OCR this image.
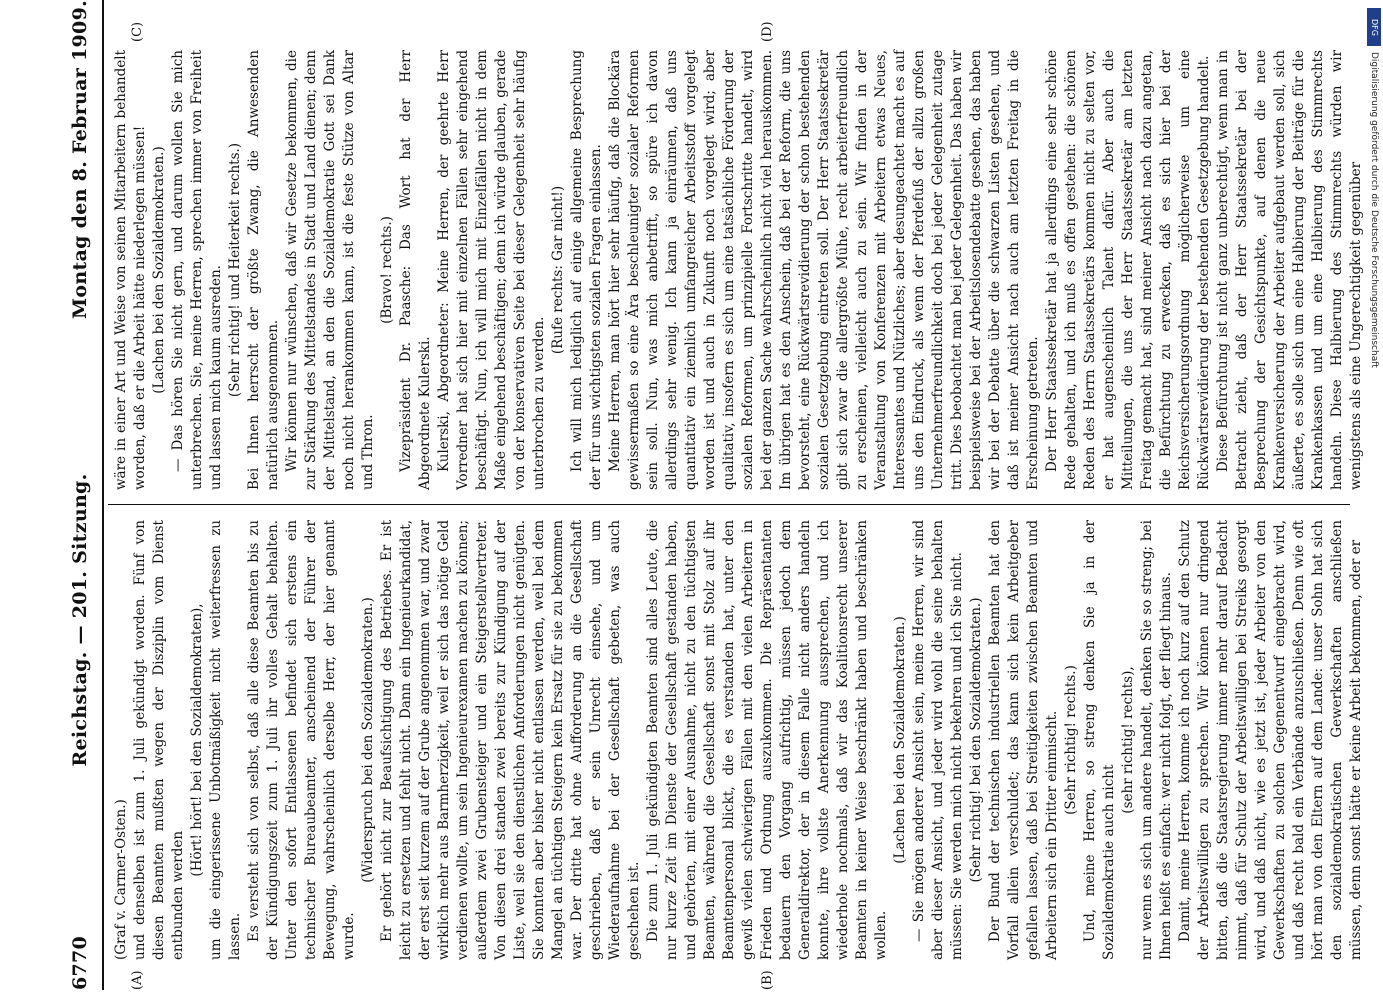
6770
Reichstag. — 201. Sitzung.
Montag den 8. Februar 1909.
(A)	(B)
(C)	(D)

(Graf v. Carmer-Osten.) und denselben ist zum 1. Juli gekündigt worden. Fünf von diesen Beamten mußten wegen der Disziplin vom Dienst entbunden werden

(Hört! hört! bei den Sozialdemokraten), um die eingerissene Unbotmäßigkeit nicht weiterfressen zu lassen. Es versteht sich von selbst, daß alle diese Beamten bis zu der Kündigungszeit zum 1. Juli ihr volles Gehalt behalten. Unter den sofort Entlassenen befindet sich erstens ein technischer Bureaubeamter, anscheinend der Führer der Bewegung, wahrscheinlich derselbe Herr, der hier genannt wurde.

(Widerspruch bei den Sozialdemokraten.) Er gehört nicht zur Beaufsichtigung des Betriebes. Er ist leicht zu ersetzen und fehlt nicht. Dann ein Ingenieurkandidat, der erst seit kurzem auf der Grube angenommen war, und zwar wirklich mehr aus Barmherzigkeit, weil er sich das nötige Geld verdienen wollte, um sein Ingenieurexamen machen zu können; außerdem zwei Grubensteiger und ein Steigerstellvertreter. Von diesen drei standen zwei bereits zur Kündigung auf der Liste, weil sie den dienstlichen Anforderungen nicht genügten. Sie konnten aber bisher nicht entlassen werden, weil bei dem Mangel an tüchtigen Steigern kein Ersatz für sie zu bekommen war. Der dritte hat ohne Aufforderung an die Gesellschaft geschrieben, daß er sein Unrecht einsehe, und um Wiederaufnahme bei der Gesellschaft gebeten, was auch geschehen ist. Die zum 1. Juli gekündigten Beamten sind alles Leute, die nur kurze Zeit im Dienste der Gesellschaft gestanden haben, und gehörten, mit einer Ausnahme, nicht zu den tüchtigsten Beamten, während die Gesellschaft sonst mit Stolz auf ihr Beamtenpersonal blickt, die es verstanden hat, unter den gewiß vielen schwierigen Fällen mit den vielen Arbeitern in Frieden und Ordnung auszukommen. Die Repräsentanten bedauern den Vorgang aufrichtig, müssen jedoch dem Generaldirektor, der in diesem Falle nicht anders handeln konnte, ihre vollste Anerkennung aussprechen, und ich wiederhole nochmals, daß wir das Koalitionsrecht unserer Beamten in keiner Weise beschränkt haben und beschränken wollen.

(Lachen bei den Sozialdemokraten.) — Sie mögen anderer Ansicht sein, meine Herren, wir sind aber dieser Ansicht, und jeder wird wohl die seine behalten müssen: Sie werden mich nicht bekehren und ich Sie nicht. (Sehr richtig! bei den Sozialdemokraten.) Der Bund der technischen industriellen Beamten hat den Vorfall allein verschuldet; das kann sich kein Arbeitgeber gefallen lassen, daß bei Streitigkeiten zwischen Beamten und Arbeitern sich ein Dritter einmischt. (Sehr richtig! rechts.) Und, meine Herren, so streng denken Sie ja in der Sozialdemokratie auch nicht

(sehr richtig! rechts), nur wenn es sich um andere handelt, denken Sie so streng; bei Ihnen heißt es einfach: wer nicht folgt, der fliegt hinaus. Damit, meine Herren, komme ich noch kurz auf den Schutz der Arbeitswilligen zu sprechen. Wir können nur dringend bitten, daß die Staatsregierung immer mehr darauf Bedacht nimmt, daß für Schutz der Arbeitswilligen bei Streiks gesorgt wird, und daß nicht, wie es jetzt ist, jeder Arbeiter von den Gewerkschaften zu solchen Gegenentwurf eingebracht wird, und daß recht bald ein Verbände anzuschließen. Denn wie oft hört man von den Eltern auf dem Lande: unser Sohn hat sich den sozialdemokratischen Gewerkschaften anschließen müssen, denn sonst hätte er keine Arbeit bekommen, oder er

wäre in einer Art und Weise von seinen Mitarbeitern behandelt worden, daß er die Arbeit hätte niederlegen müssen! (Lachen bei den Sozialdemokraten.) — Das hören Sie nicht gern, und darum wollen Sie mich unterbrechen. Sie, meine Herren, sprechen immer von Freiheit und lassen mich kaum ausreden. (Sehr richtig! und Heiterkeit rechts.) Bei Ihnen herrscht der größte Zwang, die Anwesenden natürlich ausgenommen. Wir können nur wünschen, daß wir Gesetze bekommen, die zur Stärkung des Mittelstandes in Stadt und Land dienen; denn der Mittelstand, an den die Sozialdemokratie Gott sei Dank noch nicht herankommen kann, ist die feste Stütze von Altar und Thron.

(Bravo! rechts.) Vizepräsident Dr. Paasche: Das Wort hat der Herr Abgeordnete Kulerski. Kulerski, Abgeordneter: Meine Herren, der geehrte Herr Vorredner hat sich hier mit einzelnen Fällen sehr eingehend beschäftigt. Nun, ich will mich mit Einzelfällen nicht in dem Maße eingehend beschäftigen; denn ich würde glauben, gerade von der konservativen Seite bei dieser Gelegenheit sehr häufig unterbrochen zu werden.

(Rufe rechts: Gar nicht!) Ich will mich lediglich auf einige allgemeine Besprechung der für uns wichtigsten sozialen Fragen einlassen. Meine Herren, man hört hier sehr häufig, daß die Blockära gewissermaßen so eine Ära beschleunigter sozialer Reformen sein soll. Nun, was mich anbetrifft, so spüre ich davon allerdings sehr wenig. Ich kann ja einräumen, daß uns quantitativ ein ziemlich umfangreicher Arbeitsstoff vorgelegt worden ist und auch in Zukunft noch vorgelegt wird; aber qualitativ, insofern es sich um eine tatsächliche Förderung der sozialen Reformen, um prinzipielle Fortschritte handelt, wird bei der ganzen Sache wahrscheinlich nicht viel herauskommen. Im übrigen hat es den Anschein, daß bei der Reform, die uns bevorsteht, eine Rückwärtsrevidierung der schon bestehenden sozialen Gesetzgebung eintreten soll. Der Herr Staatssekretär gibt sich zwar die allergrößte Mühe, recht arbeiterfreundlich zu erscheinen, vielleicht auch zu sein. Wir finden in der Veranstaltung von Konferenzen mit Arbeitern etwas Neues, Interessantes und Nützliches; aber desungeachtet macht es auf uns den Eindruck, als wenn der Pferdefuß der allzu großen Unternehmerfreundlichkeit doch bei jeder Gelegenheit zutage tritt. Dies beobachtet man bei jeder Gelegenheit. Das haben wir beispielsweise bei der Arbeitslosendebatte gesehen, das haben wir bei der Debatte über die schwarzen Listen gesehen, und daß ist meiner Ansicht nach auch am letzten Freitag in die Erscheinung getreten. Der Herr Staatssekretär hat ja allerdings eine sehr schöne Rede gehalten, und ich muß es offen gestehen: die schönen Reden des Herrn Staatssekretärs kommen nicht zu selten vor, er hat augenscheinlich Talent dafür. Aber auch die Mitteilungen, die uns der Herr Staatssekretär am letzten Freitag gemacht hat, sind meiner Ansicht nach dazu angetan, die Befürchtung zu erwecken, daß es sich hier bei der Reichsversicherungsordnung möglicherweise um eine Rückwärtsrevidierung der bestehenden Gesetzgebung handelt. Diese Befürchtung ist nicht ganz unberechtigt, wenn man in Betracht zieht, daß der Herr Staatssekretär bei der Besprechung der Gesichtspunkte, auf denen die neue Krankenversicherung der Arbeiter aufgebaut werden soll, sich äußerte, es solle sich um eine Halbierung der Beiträge für die Krankenkassen und um eine Halbierung des Stimmrechts handeln. Diese Halbierung des Stimmrechts würden wir wenigstens als eine Ungerechtigkeit gegenüber

DFG
Digitalisierung gefördert durch die Deutsche Forschungsgemeinschaft
